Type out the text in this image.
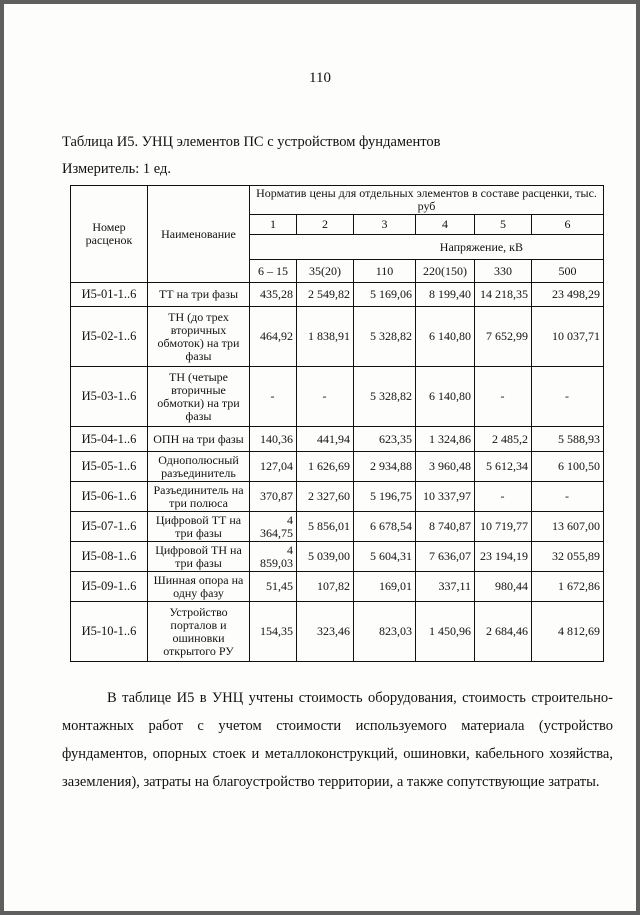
110
Таблица И5. УНЦ элементов ПС с устройством фундаментов
Измеритель: 1 ед.
Номер расценок	Наименование	Норматив цены для отдельных элементов в составе расценки, тыс. руб					
		1	2	3	4	5	6
		Напряжение, кВ					
		6 – 15	35(20)	110	220(150)	330	500
И5-01-1..6	ТТ на три фазы	435,28	2 549,82	5 169,06	8 199,40	14 218,35	23 498,29
И5-02-1..6	ТН (до трех вторичных обмоток) на три фазы	464,92	1 838,91	5 328,82	6 140,80	7 652,99	10 037,71
И5-03-1..6	ТН (четыре вторичные обмотки) на три фазы	-	-	5 328,82	6 140,80	-	-
И5-04-1..6	ОПН на три фазы	140,36	441,94	623,35	1 324,86	2 485,2	5 588,93
И5-05-1..6	Однополюсный разъединитель	127,04	1 626,69	2 934,88	3 960,48	5 612,34	6 100,50
И5-06-1..6	Разъединитель на три полюса	370,87	2 327,60	5 196,75	10 337,97	-	-
И5-07-1..6	Цифровой ТТ на три фазы	4 364,75	5 856,01	6 678,54	8 740,87	10 719,77	13 607,00
И5-08-1..6	Цифровой ТН на три фазы	4 859,03	5 039,00	5 604,31	7 636,07	23 194,19	32 055,89
И5-09-1..6	Шинная опора на одну фазу	51,45	107,82	169,01	337,11	980,44	1 672,86
И5-10-1..6	Устройство порталов и ошиновки открытого РУ	154,35	323,46	823,03	1 450,96	2 684,46	4 812,69

В таблице И5 в УНЦ учтены стоимость оборудования, стоимость строительно-монтажных работ с учетом стоимости используемого материала (устройство фундаментов, опорных стоек и металлоконструкций, ошиновки, кабельного хозяйства, заземления), затраты на благоустройство территории, а также сопутствующие затраты.
